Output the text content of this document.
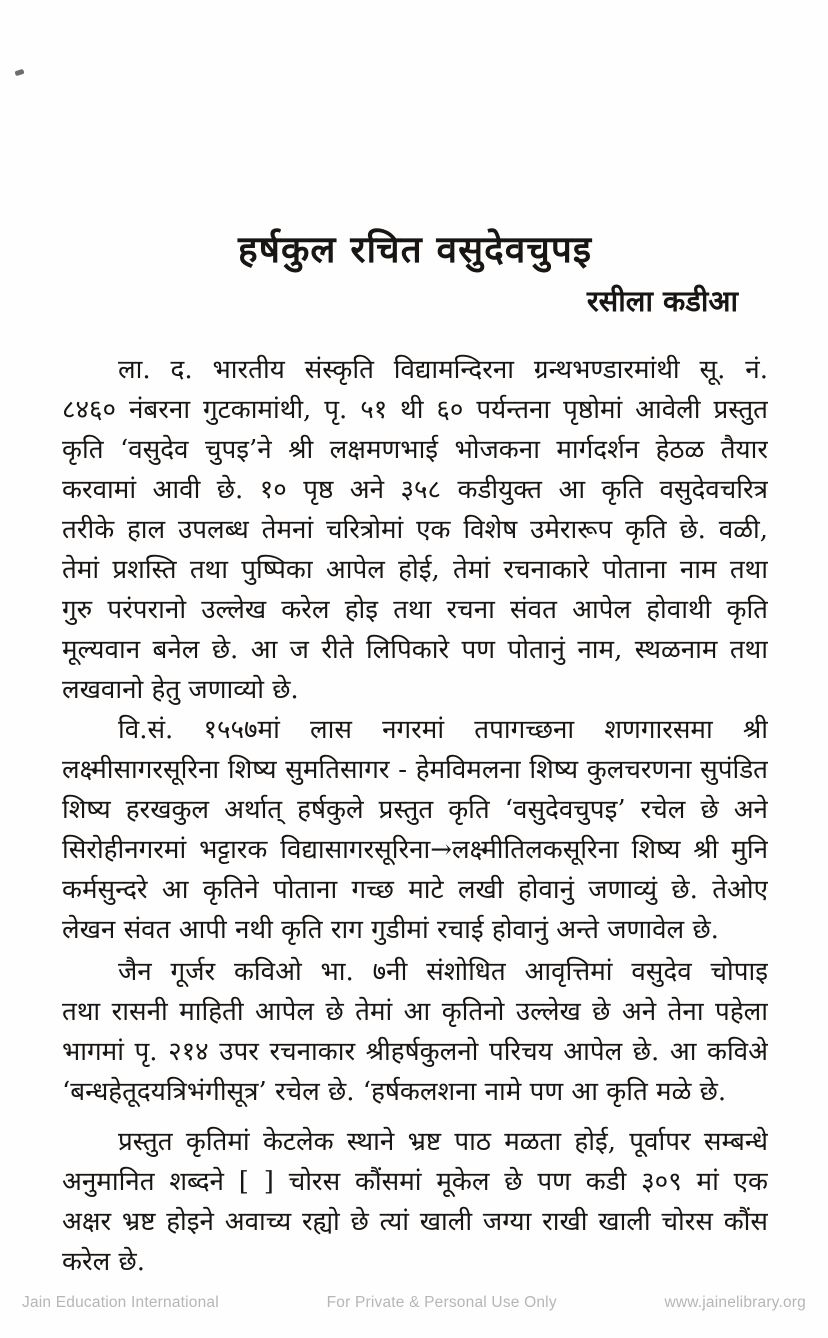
हर्षकुल रचित वसुदेवचुपइ
रसीला कडीआ
ला. द. भारतीय संस्कृति विद्यामन्दिरना ग्रन्थभण्डारमांथी सू. नं.
८४६० नंबरना गुटकामांथी, पृ. ५१ थी ६० पर्यन्तना पृष्ठोमां आवेली प्रस्तुत
कृति ‘वसुदेव चुपइ’ने श्री लक्षमणभाई भोजकना मार्गदर्शन हेठळ तैयार
करवामां आवी छे. १० पृष्ठ अने ३५८ कडीयुक्त आ कृति वसुदेवचरित्र
तरीके हाल उपलब्ध तेमनां चरित्रोमां एक विशेष उमेरारूप कृति छे. वळी,
तेमां प्रशस्ति तथा पुष्पिका आपेल होई, तेमां रचनाकारे पोताना नाम तथा
गुरु परंपरानो उल्लेख करेल होइ तथा रचना संवत आपेल होवाथी कृति
मूल्यवान बनेल छे. आ ज रीते लिपिकारे पण पोतानुं नाम, स्थळनाम तथा
लखवानो हेतु जणाव्यो छे.
वि.सं. १५५७मां लास नगरमां तपागच्छना शणगारसमा श्री
लक्ष्मीसागरसूरिना शिष्य सुमतिसागर - हेमविमलना शिष्य कुलचरणना सुपंडित
शिष्य हरखकुल अर्थात् हर्षकुले प्रस्तुत कृति ‘वसुदेवचुपइ’ रचेल छे अने
सिरोहीनगरमां भट्टारक विद्यासागरसूरिना→लक्ष्मीतिलकसूरिना शिष्य श्री मुनि
कर्मसुन्दरे आ कृतिने पोताना गच्छ माटे लखी होवानुं जणाव्युं छे. तेओए
लेखन संवत आपी नथी कृति राग गुडीमां रचाई होवानुं अन्ते जणावेल छे.
जैन गूर्जर कविओ भा. ७नी संशोधित आवृत्तिमां वसुदेव चोपाइ
तथा रासनी माहिती आपेल छे तेमां आ कृतिनो उल्लेख छे अने तेना पहेला
भागमां पृ. २१४ उपर रचनाकार श्रीहर्षकुलनो परिचय आपेल छे. आ कविअे
‘बन्धहेतूदयत्रिभंगीसूत्र’ रचेल छे. ‘हर्षकलशना नामे पण आ कृति मळे छे.
प्रस्तुत कृतिमां केटलेक स्थाने भ्रष्ट पाठ मळता होई, पूर्वापर सम्बन्धे
अनुमानित शब्दने [ ] चोरस कौंसमां मूकेल छे पण कडी ३०९ मां एक
अक्षर भ्रष्ट होइने अवाच्य रह्यो छे त्यां खाली जग्या राखी खाली चोरस कौंस
करेल छे.
Jain Education International	For Private & Personal Use Only	www.jainelibrary.org
